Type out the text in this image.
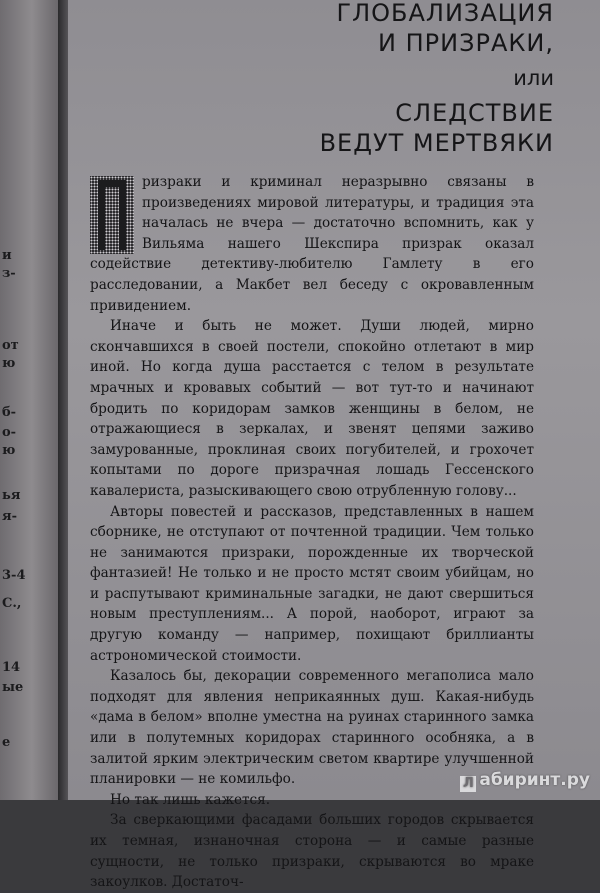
и
з-
от
ю
б-
о-
ю
ья
я-
3-4
С.,
14
ые
е
ГЛОБАЛИЗАЦИЯ
И ПРИЗРАКИ,
или
СЛЕДСТВИЕ
ВЕДУТ МЕРТВЯКИ

ризраки и криминал неразрывно связаны в произведениях мировой литературы, и традиция эта началась не вчера — достаточно вспомнить, как у Вильяма нашего Шекспира призрак оказал содействие детективу-любителю Гамлету в его расследовании, а Макбет вел беседу с окровавленным привидением.

Иначе и быть не может. Души людей, мирно скончавшихся в своей постели, спокойно отлетают в мир иной. Но когда душа расстается с телом в результате мрачных и кровавых событий — вот тут-то и начинают бродить по коридорам замков женщины в белом, не отражающиеся в зеркалах, и звенят цепями заживо замурованные, проклиная своих погубителей, и грохочет копытами по дороге призрачная лошадь Гессенского кавалериста, разыскивающего свою отрубленную голову...

Авторы повестей и рассказов, представленных в нашем сборнике, не отступают от почтенной традиции. Чем только не занимаются призраки, порожденные их творческой фантазией! Не только и не просто мстят своим убийцам, но и распутывают криминальные загадки, не дают свершиться новым преступлениям... А порой, наоборот, играют за другую команду — например, похищают бриллианты астрономической стоимости.

Казалось бы, декорации современного мегаполиса мало подходят для явления неприкаянных душ. Какая-нибудь «дама в белом» вполне уместна на руинах старинного замка или в полутемных коридорах старинного особняка, а в залитой ярким электрическим светом квартире улучшенной планировки — не комильфо.

Но так лишь кажется.

За сверкающими фасадами больших городов скрывается их темная, изнаночная сторона — и самые разные сущности, не только призраки, скрываются во мраке закоулков. Достаточ-

Л абиринт.ру
